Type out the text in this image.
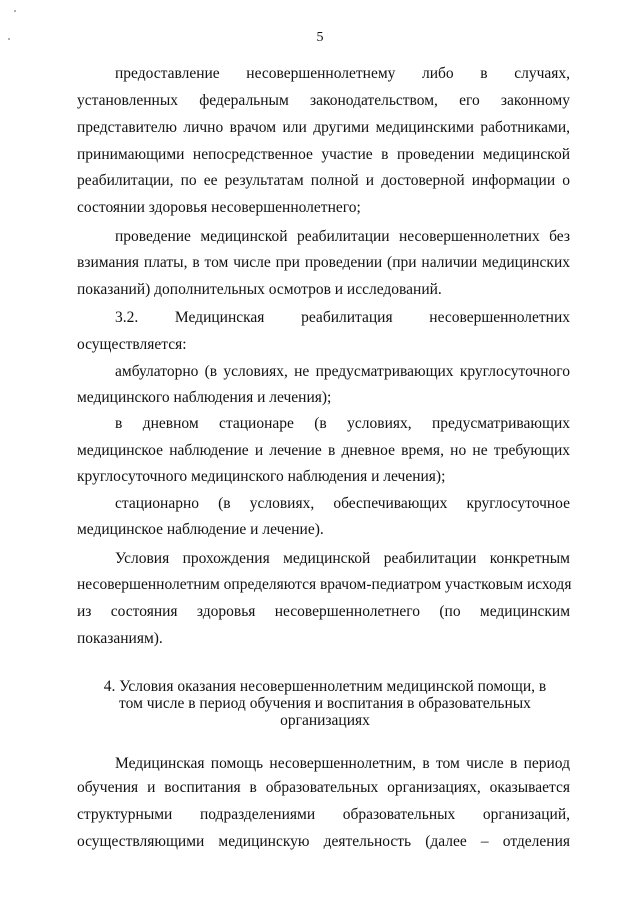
5
предоставление несовершеннолетнему либо в случаях,
установленных федеральным законодательством, его законному
представителю лично врачом или другими медицинскими работниками,
принимающими непосредственное участие в проведении медицинской
реабилитации, по ее результатам полной и достоверной информации о
состоянии здоровья несовершеннолетнего;
проведение медицинской реабилитации несовершеннолетних без
взимания платы, в том числе при проведении (при наличии медицинских
показаний) дополнительных осмотров и исследований.
3.2. Медицинская реабилитация несовершеннолетних
осуществляется:
амбулаторно (в условиях, не предусматривающих круглосуточного
медицинского наблюдения и лечения);
в дневном стационаре (в условиях, предусматривающих
медицинское наблюдение и лечение в дневное время, но не требующих
круглосуточного медицинского наблюдения и лечения);
стационарно (в условиях, обеспечивающих круглосуточное
медицинское наблюдение и лечение).
Условия прохождения медицинской реабилитации конкретным
несовершеннолетним определяются врачом-педиатром участковым исходя
из состояния здоровья несовершеннолетнего (по медицинским
показаниям).
4. Условия оказания несовершеннолетним медицинской помощи, в
том числе в период обучения и воспитания в образовательных
организациях
Медицинская помощь несовершеннолетним, в том числе в период
обучения и воспитания в образовательных организациях, оказывается
структурными подразделениями образовательных организаций,
осуществляющими медицинскую деятельность (далее – отделения
